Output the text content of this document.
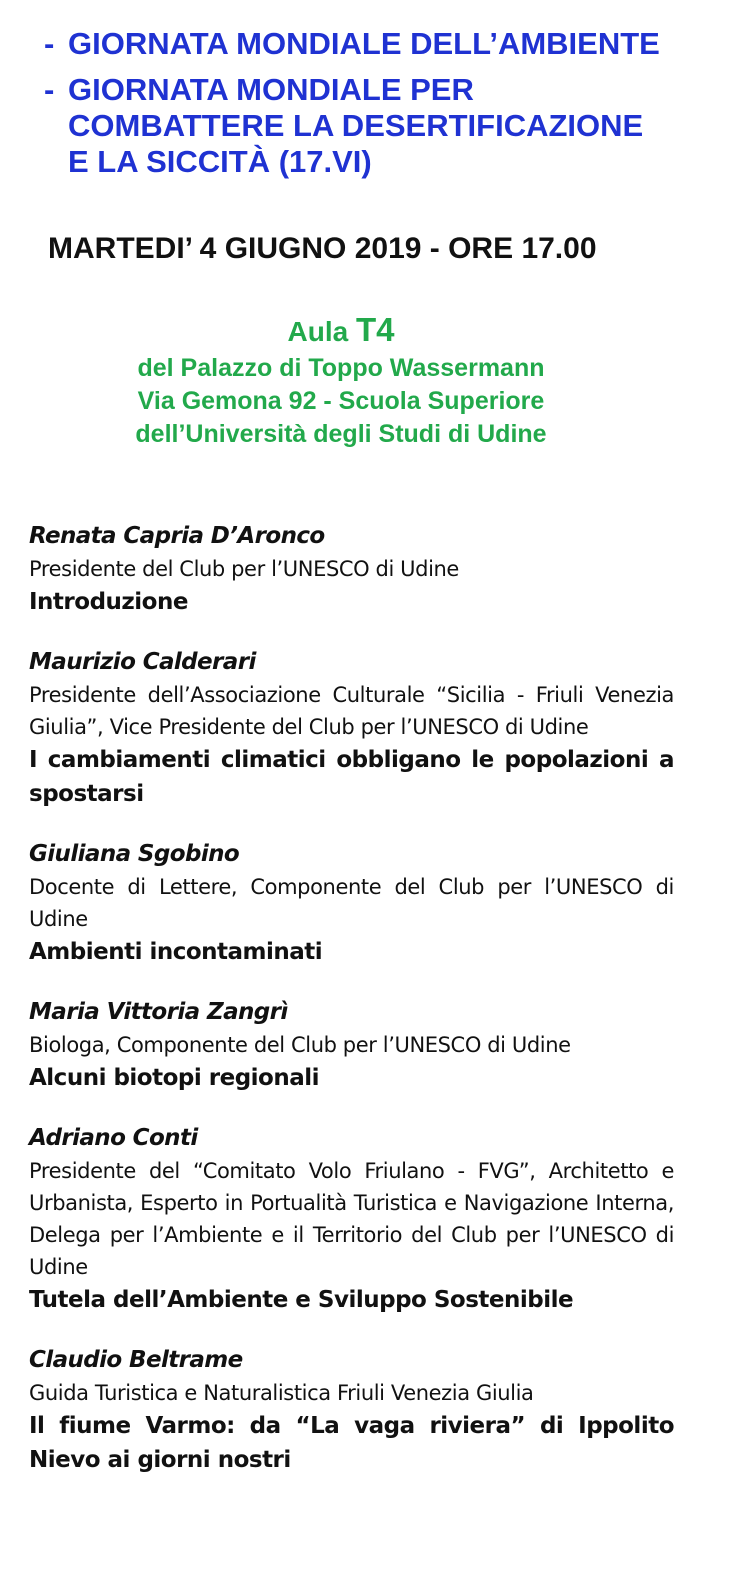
- GIORNATA MONDIALE DELL’AMBIENTE
- GIORNATA MONDIALE PER
COMBATTERE LA DESERTIFICAZIONE
E LA SICCITÀ (17.VI)
MARTEDI’ 4 GIUGNO 2019 - ORE 17.00
Aula T4
del Palazzo di Toppo Wassermann
Via Gemona 92 - Scuola Superiore
dell’Università degli Studi di Udine
Renata Capria D’Aronco
Presidente del Club per l’UNESCO di Udine
Introduzione
Maurizio Calderari
Presidente dell’Associazione Culturale “Sicilia - Friuli Venezia Giulia”, Vice Presidente del Club per l’UNESCO di Udine
I cambiamenti climatici obbligano le popolazioni a spostarsi
Giuliana Sgobino
Docente di Lettere, Componente del Club per l’UNESCO di Udine
Ambienti incontaminati
Maria Vittoria Zangrì
Biologa, Componente del Club per l’UNESCO di Udine
Alcuni biotopi regionali
Adriano Conti
Presidente del “Comitato Volo Friulano - FVG”, Architetto e Urbanista, Esperto in Portualità Turistica e Navigazione Interna, Delega per l’Ambiente e il Territorio del Club per l’UNESCO di Udine
Tutela dell’Ambiente e Sviluppo Sostenibile
Claudio Beltrame
Guida Turistica e Naturalistica Friuli Venezia Giulia
Il fiume Varmo: da “La vaga riviera” di Ippolito Nievo ai giorni nostri
